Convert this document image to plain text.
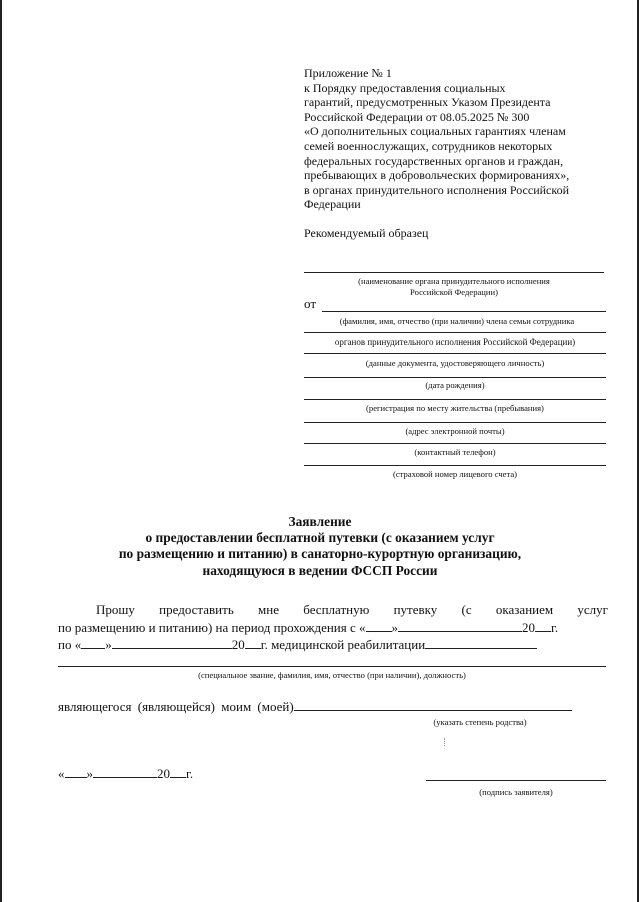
Приложение № 1
к Порядку предоставления социальных
гарантий, предусмотренных Указом Президента
Российской Федерации от 08.05.2025 № 300
«О дополнительных социальных гарантиях членам
семей военнослужащих, сотрудников некоторых
федеральных государственных органов и граждан,
пребывающих в добровольческих формированиях»,
в органах принудительного исполнения Российской
Федерации
Рекомендуемый образец
(наименование органа принудительного исполнения
Российской Федерации)
от
(фамилия, имя, отчество (при наличии) члена семьи сотрудника
органов принудительного исполнения Российской Федерации)
(данные документа, удостоверяющего личность)
(дата рождения)
(регистрация по месту жительства (пребывания)
(адрес электронной почты)
(контактный телефон)
(страховой номер лицевого счета)
Заявление
о предоставлении бесплатной путевки (с оказанием услуг
по размещению и питанию) в санаторно-курортную организацию,
находящуюся в ведении ФССП России
Прошу предоставить мне бесплатную путевку (с оказанием услуг
по размещению и питанию) на период прохождения с « »	20 г.
по « »	20 г. медицинской реабилитации
(специальное звание, фамилия, имя, отчество (при наличии), должность)
являющегося (являющейся) моим (моей)
(указать степень родства)
« »	20 г.
(подпись заявителя)
